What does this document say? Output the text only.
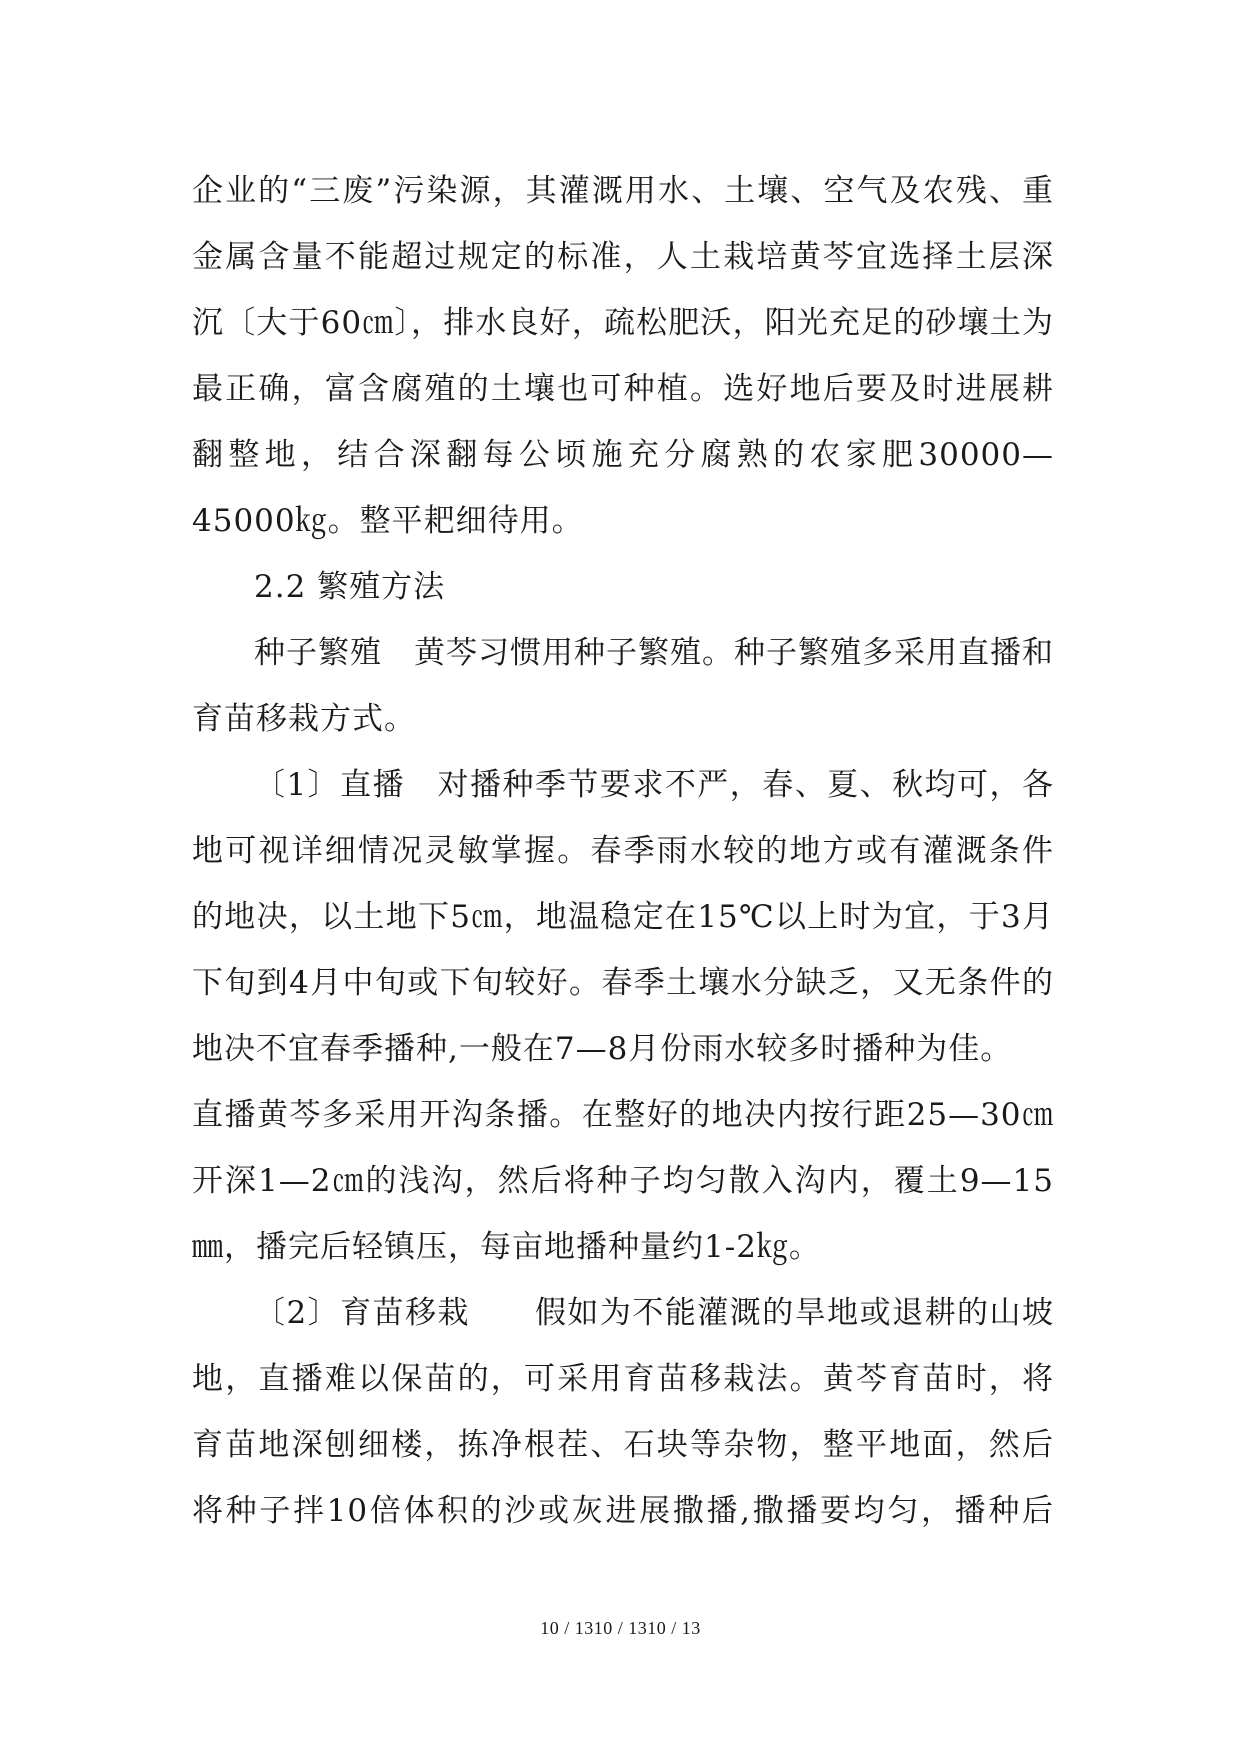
企业的“三废”污染源，其灌溉用水、土壤、空气及农残、重金属含量不能超过规定的标准，人土栽培黄芩宜选择土层深沉〔大于60㎝〕，排水良好，疏松肥沃，阳光充足的砂壤土为最正确，富含腐殖的土壤也可种植。选好地后要及时进展耕翻整地，结合深翻每公顷施充分腐熟的农家肥30000—45000㎏。整平耙细待用。

2.2 繁殖方法

种子繁殖　黄芩习惯用种子繁殖。种子繁殖多采用直播和育苗移栽方式。

〔1〕直播　对播种季节要求不严，春、夏、秋均可，各地可视详细情况灵敏掌握。春季雨水较的地方或有灌溉条件的地决，以土地下5㎝，地温稳定在15℃以上时为宜，于3月下旬到4月中旬或下旬较好。春季土壤水分缺乏，又无条件的地决不宜春季播种,一般在7—8月份雨水较多时播种为佳。

直播黄芩多采用开沟条播。在整好的地决内按行距25—30㎝开深1—2㎝的浅沟，然后将种子均匀散入沟内，覆土9—15㎜，播完后轻镇压，每亩地播种量约1-2㎏。

〔2〕育苗移栽　　假如为不能灌溉的旱地或退耕的山坡地，直播难以保苗的，可采用育苗移栽法。黄芩育苗时，将育苗地深刨细楼，拣净根茬、石块等杂物，整平地面，然后将种子拌10倍体积的沙或灰进展撒播,撒播要均匀，播种后

10 / 1310 / 1310 / 13
